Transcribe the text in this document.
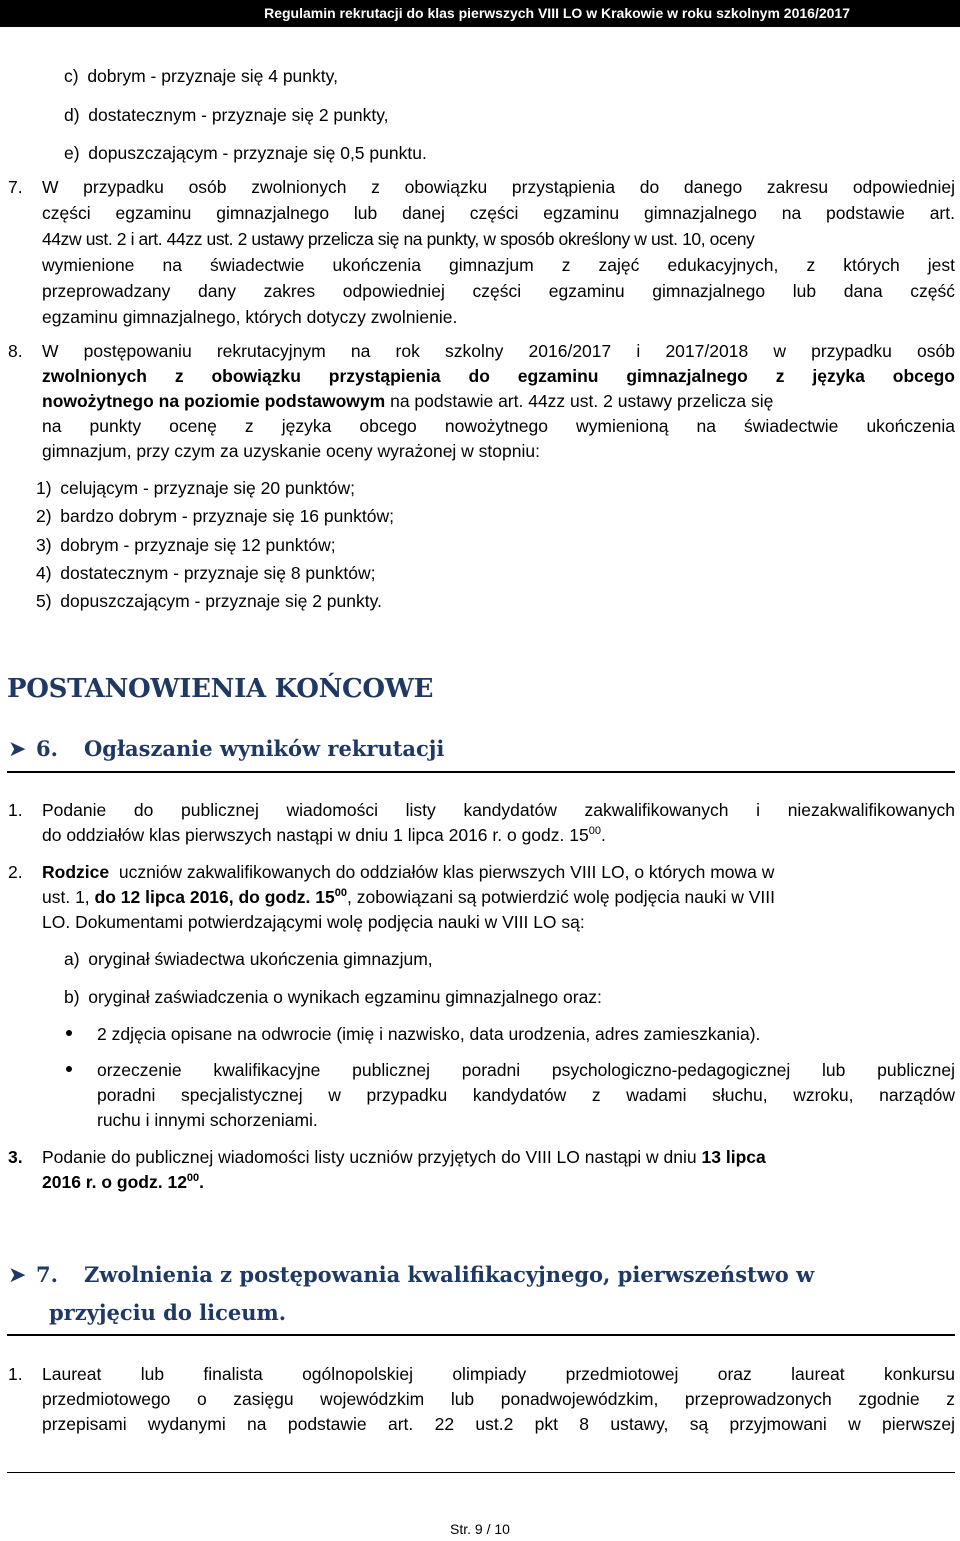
Regulamin rekrutacji do klas pierwszych VIII LO w Krakowie w roku szkolnym 2016/2017
c) dobrym - przyznaje się 4 punkty,
d) dostatecznym - przyznaje się 2 punkty,
e) dopuszczającym - przyznaje się 0,5 punktu.
7. W przypadku osób zwolnionych z obowiązku przystąpienia do danego zakresu odpowiedniej
części egzaminu gimnazjalnego lub danej części egzaminu gimnazjalnego na podstawie art.
44zw ust. 2 i art. 44zz ust. 2 ustawy przelicza się na punkty, w sposób określony w ust. 10, oceny
wymienione na świadectwie ukończenia gimnazjum z zajęć edukacyjnych, z których jest
przeprowadzany dany zakres odpowiedniej części egzaminu gimnazjalnego lub dana część
egzaminu gimnazjalnego, których dotyczy zwolnienie.
8. W postępowaniu rekrutacyjnym na rok szkolny 2016/2017 i 2017/2018 w przypadku osób
zwolnionych z obowiązku przystąpienia do egzaminu gimnazjalnego z języka obcego
nowożytnego na poziomie podstawowym na podstawie art. 44zz ust. 2 ustawy przelicza się
na punkty ocenę z języka obcego nowożytnego wymienioną na świadectwie ukończenia
gimnazjum, przy czym za uzyskanie oceny wyrażonej w stopniu:
1) celującym - przyznaje się 20 punktów;
2) bardzo dobrym - przyznaje się 16 punktów;
3) dobrym - przyznaje się 12 punktów;
4) dostatecznym - przyznaje się 8 punktów;
5) dopuszczającym - przyznaje się 2 punkty.
POSTANOWIENIA KOŃCOWE
➤ 6. Ogłaszanie wyników rekrutacji
1. Podanie do publicznej wiadomości listy kandydatów zakwalifikowanych i niezakwalifikowanych
do oddziałów klas pierwszych nastąpi w dniu 1 lipca 2016 r. o godz. $15^{00}$.
2. Rodzice  uczniów zakwalifikowanych do oddziałów klas pierwszych VIII LO, o których mowa w
ust. 1, do 12 lipca 2016, do godz. $15^{00}$, zobowiązani są potwierdzić wolę podjęcia nauki w VIII
LO. Dokumentami potwierdzającymi wolę podjęcia nauki w VIII LO są:
a) oryginał świadectwa ukończenia gimnazjum,
b) oryginał zaświadczenia o wynikach egzaminu gimnazjalnego oraz:
2 zdjęcia opisane na odwrocie (imię i nazwisko, data urodzenia, adres zamieszkania).
orzeczenie kwalifikacyjne publicznej poradni psychologiczno-pedagogicznej lub publicznej
poradni specjalistycznej w przypadku kandydatów z wadami słuchu, wzroku, narządów
ruchu i innymi schorzeniami.
3. Podanie do publicznej wiadomości listy uczniów przyjętych do VIII LO nastąpi w dniu 13 lipca
2016 r. o godz. $12^{00}$.
➤ 7. Zwolnienia z postępowania kwalifikacyjnego, pierwszeństwo w
przyjęciu do liceum.
1. Laureat lub finalista ogólnopolskiej olimpiady przedmiotowej oraz laureat konkursu
przedmiotowego o zasięgu wojewódzkim lub ponadwojewódzkim, przeprowadzonych zgodnie z
przepisami wydanymi na podstawie art. 22 ust.2 pkt 8 ustawy, są przyjmowani w pierwszej
Str. 9 / 10
